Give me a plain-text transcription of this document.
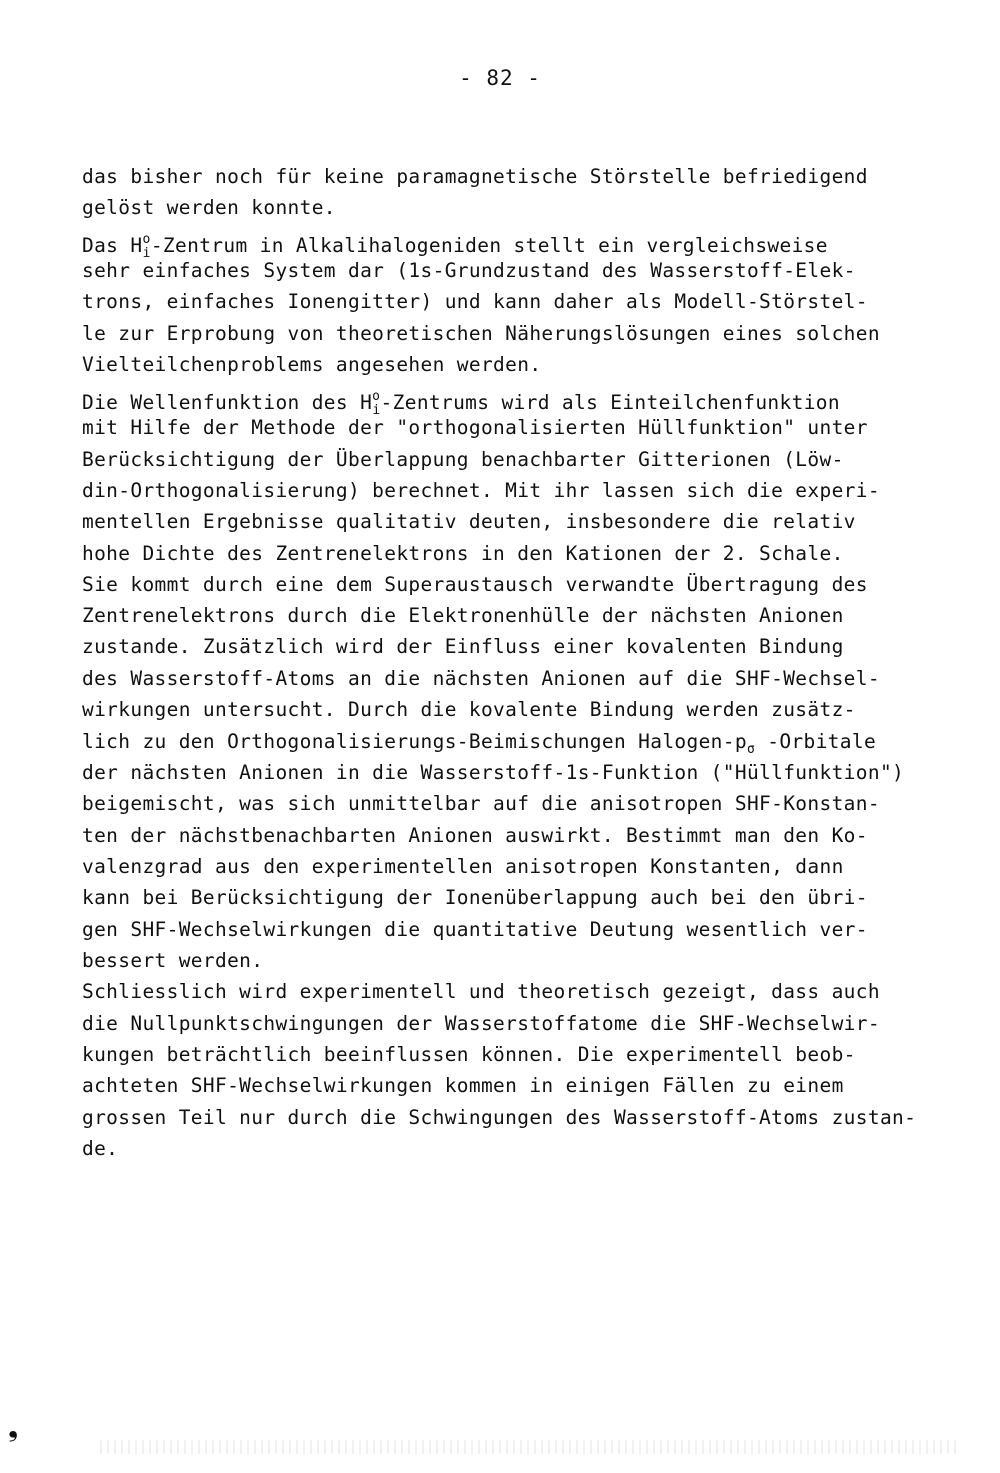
- 82 -
das bisher noch für keine paramagnetische Störstelle befriedigend
gelöst werden konnte.
Das $H^o_i$-Zentrum in Alkalihalogeniden stellt ein vergleichsweise
sehr einfaches System dar (1s-Grundzustand des Wasserstoff-Elek-
trons, einfaches Ionengitter) und kann daher als Modell-Störstel-
le zur Erprobung von theoretischen Näherungslösungen eines solchen
Vielteilchenproblems angesehen werden.
Die Wellenfunktion des $H^o_i$-Zentrums wird als Einteilchenfunktion
mit Hilfe der Methode der "orthogonalisierten Hüllfunktion" unter
Berücksichtigung der Überlappung benachbarter Gitterionen (Löw-
din-Orthogonalisierung) berechnet. Mit ihr lassen sich die experi-
mentellen Ergebnisse qualitativ deuten, insbesondere die relativ
hohe Dichte des Zentrenelektrons in den Kationen der 2. Schale.
Sie kommt durch eine dem Superaustausch verwandte Übertragung des
Zentrenelektrons durch die Elektronenhülle der nächsten Anionen
zustande. Zusätzlich wird der Einfluss einer kovalenten Bindung
des Wasserstoff-Atoms an die nächsten Anionen auf die SHF-Wechsel-
wirkungen untersucht. Durch die kovalente Bindung werden zusätz-
lich zu den Orthogonalisierungs-Beimischungen Halogen-$p_\sigma$ -Orbitale
der nächsten Anionen in die Wasserstoff-1s-Funktion ("Hüllfunktion")
beigemischt, was sich unmittelbar auf die anisotropen SHF-Konstan-
ten der nächstbenachbarten Anionen auswirkt. Bestimmt man den Ko-
valenzgrad aus den experimentellen anisotropen Konstanten, dann
kann bei Berücksichtigung der Ionenüberlappung auch bei den übri-
gen SHF-Wechselwirkungen die quantitative Deutung wesentlich ver-
bessert werden.
Schliesslich wird experimentell und theoretisch gezeigt, dass auch
die Nullpunktschwingungen der Wasserstoffatome die SHF-Wechselwir-
kungen beträchtlich beeinflussen können. Die experimentell beob-
achteten SHF-Wechselwirkungen kommen in einigen Fällen zu einem
grossen Teil nur durch die Schwingungen des Wasserstoff-Atoms zustan-
de.
❟
